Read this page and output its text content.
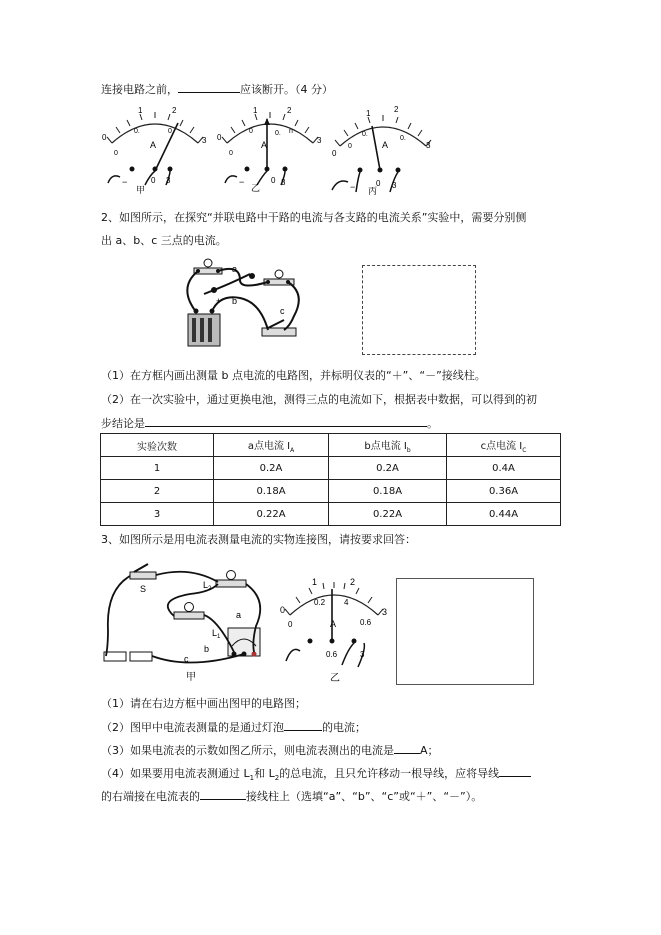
连接电路之前，	应该断开。（4 分）
0
1	2
3
0
0.	0.
A
−	0 3
甲
0
1	2
3
0
0	0. n
A
−	0 3
乙
0
1	2
3
0
0.
0.
A
−	0 3
丙
2、如图所示，在探究“并联电路中干路的电流与各支路的电流关系”实验中，需要分别侧
出 a、b、c 三点的电流。
a
b
c
+
（1）在方框内画出测量 b 点电流的电路图，并标明仪表的“＋”、“－”接线柱。
（2）在一次实验中，通过更换电池，测得三点的电流如下，根据表中数据，可以得到的初
步结论是	。
实验次数	a点电流 $I_A$	b点电流 $I_b$	c点电流 $I_C$
1	0.2A	0.2A	0.4A
2	0.18A	0.18A	0.36A
3	0.22A	0.22A	0.44A
3、如图所示是用电流表测量电流的实物连接图，请按要求回答：
S	$L_2$
$L_1$
a
b
c
甲
0
1	2
3
0.2
0
4
0.6
A
0.6	3
乙
（1）请在右边方框中画出图甲的电路图；
（2）图甲中电流表测量的是通过灯泡	的电流；
（3）如果电流表的示数如图乙所示，则电流表测出的电流是 A；
（4）如果要用电流表测通过 $L_1$和 $L_2$的总电流，且只允许移动一根导线，应将导线
的右端接在电流表的	接线柱上（选填“a”、“b”、“c”或“＋”、“－”）。
